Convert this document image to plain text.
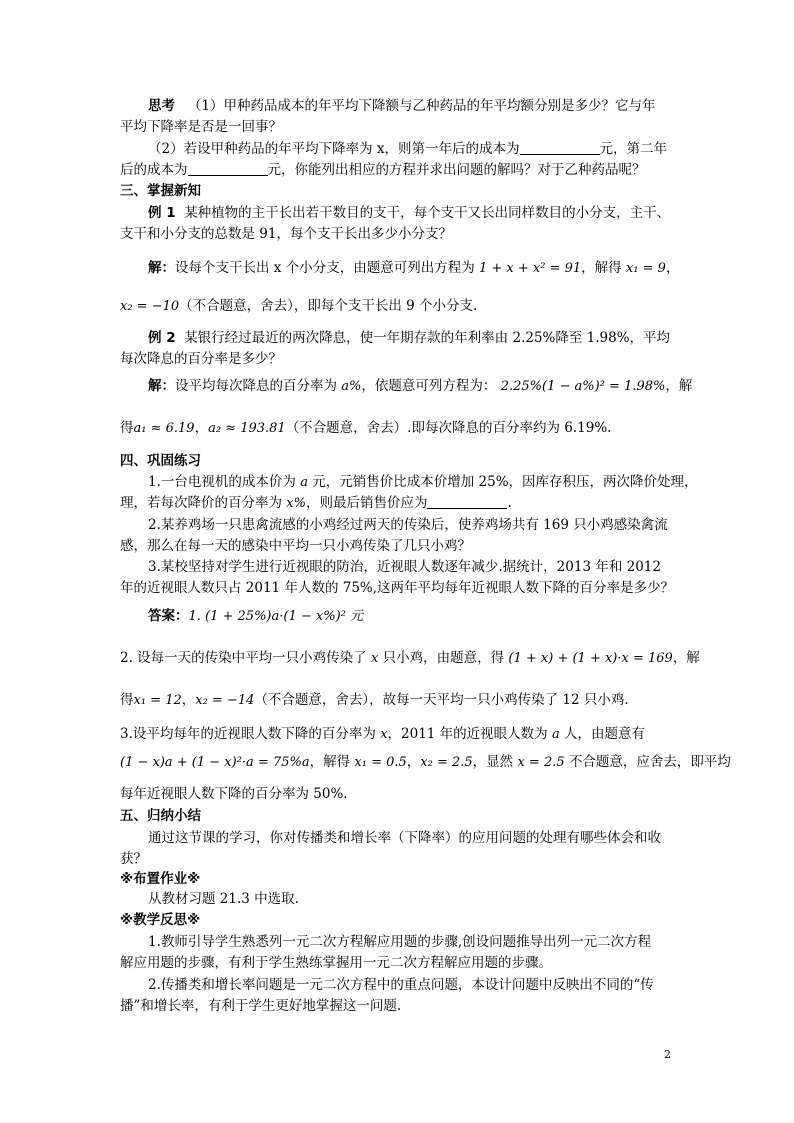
思考 （1）甲种药品成本的年平均下降额与乙种药品的年平均额分别是多少？它与年
平均下降率是否是一回事？
（2）若设甲种药品的年平均下降率为 x，则第一年后的成本为	元，第二年
后的成本为	元，你能列出相应的方程并求出问题的解吗？对于乙种药品呢？
三、掌握新知
例 1 某种植物的主干长出若干数目的支干，每个支干又长出同样数目的小分支，主干、
支干和小分支的总数是 91，每个支干长出多少小分支？
解：设每个支干长出 x 个小分支，由题意可列出方程为 1 + x + x² = 91，解得 x₁ = 9，
x₂ = −10（不合题意，舍去），即每个支干长出 9 个小分支.
例 2 某银行经过最近的两次降息，使一年期存款的年利率由 2.25%降至 1.98%，平均
每次降息的百分率是多少？
解：设平均每次降息的百分率为 a%，依题意可列方程为： 2.25%(1 − a%)² = 1.98%，解
得a₁ ≈ 6.19，a₂ ≈ 193.81（不合题意，舍去）.即每次降息的百分率约为 6.19%.
四、巩固练习
1.一台电视机的成本价为 a 元，元销售价比成本价增加 25%，因库存积压，两次降价处理，
理，若每次降价的百分率为 x%，则最后销售价应为	.
2.某养鸡场一只患禽流感的小鸡经过两天的传染后，使养鸡场共有 169 只小鸡感染禽流
感，那么在每一天的感染中平均一只小鸡传染了几只小鸡？
3.某校坚持对学生进行近视眼的防治，近视眼人数逐年减少.据统计，2013 年和 2012
年的近视眼人数只占 2011 年人数的 75%,这两年平均每年近视眼人数下降的百分率是多少？
答案：1. (1 + 25%)a·(1 − x%)² 元
2. 设每一天的传染中平均一只小鸡传染了 x 只小鸡，由题意，得 (1 + x) + (1 + x)·x = 169，解
得x₁ = 12，x₂ = −14（不合题意，舍去），故每一天平均一只小鸡传染了 12 只小鸡.
3.设平均每年的近视眼人数下降的百分率为 x，2011 年的近视眼人数为 a 人，由题意有
(1 − x)a + (1 − x)²·a = 75%a，解得 x₁ = 0.5，x₂ = 2.5，显然 x = 2.5 不合题意，应舍去，即平均
每年近视眼人数下降的百分率为 50%.
五、归纳小结
通过这节课的学习，你对传播类和增长率（下降率）的应用问题的处理有哪些体会和收
获？
※布置作业※
从教材习题 21.3 中选取.
※教学反思※
1.教师引导学生熟悉列一元二次方程解应用题的步骤,创设问题推导出列一元二次方程
解应用题的步骤，有利于学生熟练掌握用一元二次方程解应用题的步骤。
2.传播类和增长率问题是一元二次方程中的重点问题，本设计问题中反映出不同的“传
播”和增长率，有利于学生更好地掌握这一问题.
2
